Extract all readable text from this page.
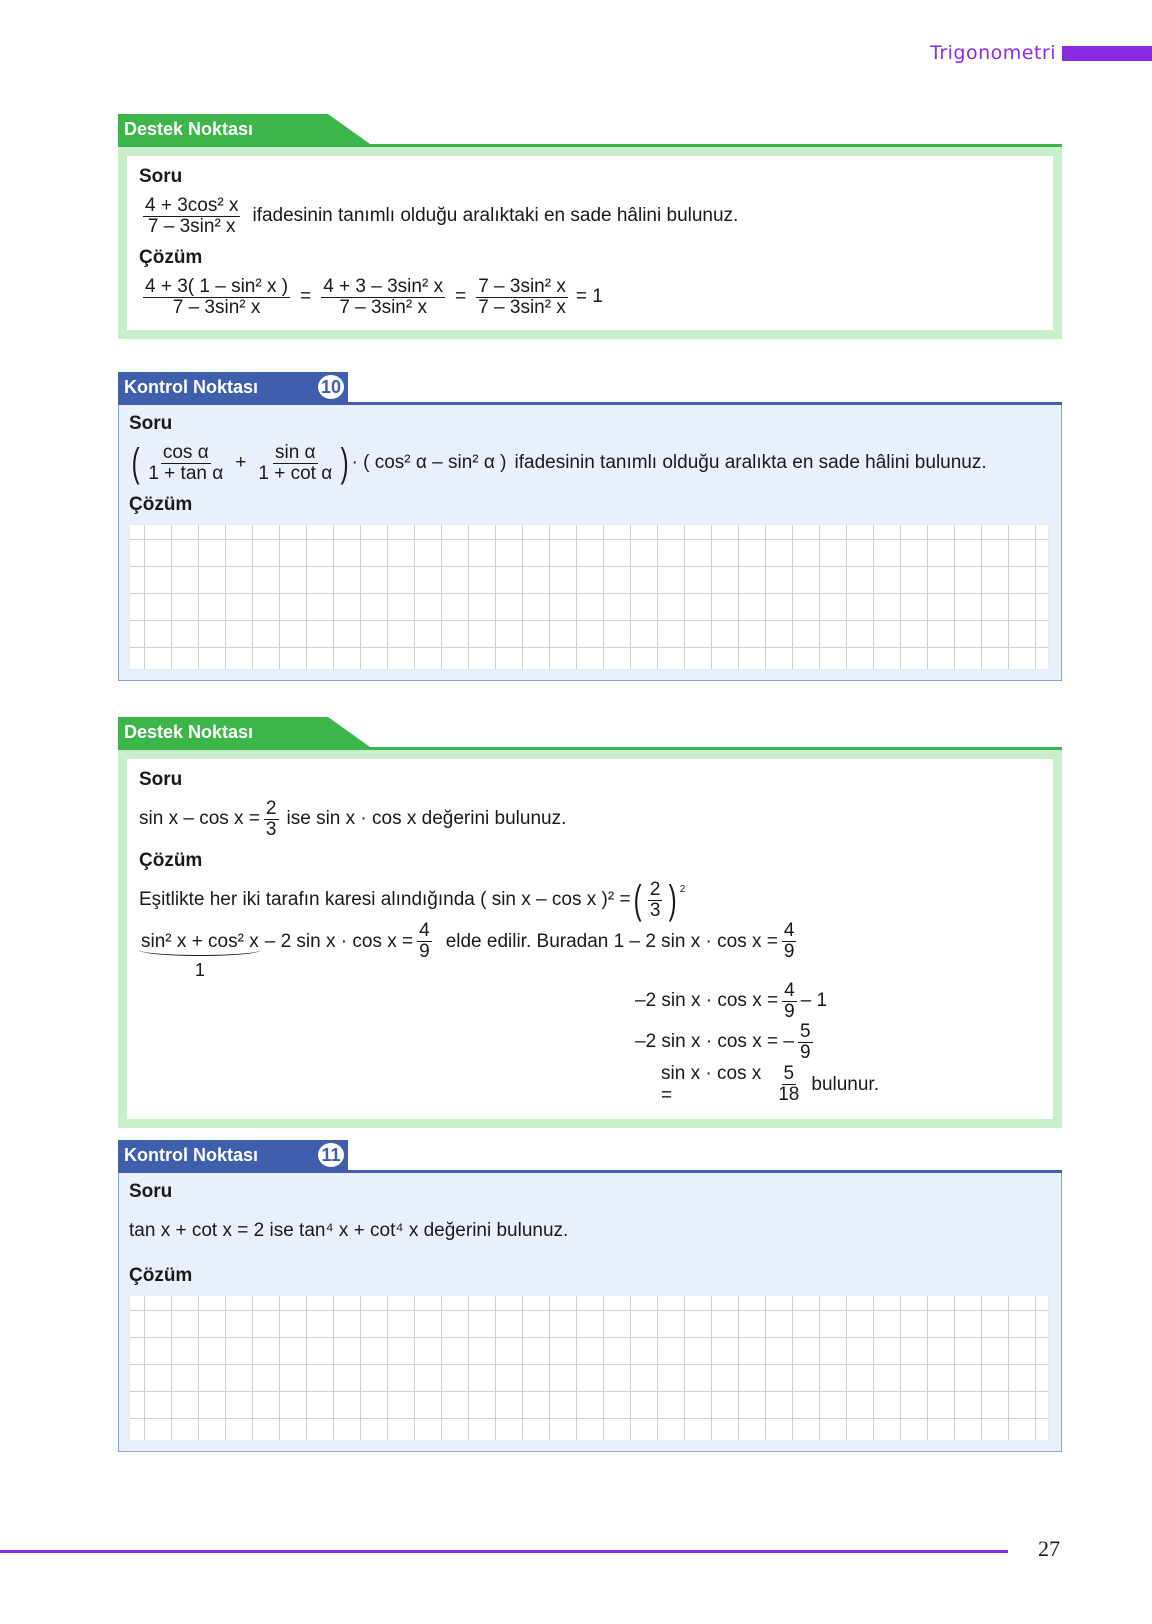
Trigonometri
Destek Noktası
Soru
$\frac{\text{4 + 3cos² x}}{\text{7 – 3sin² x}}$ ifadesinin tanımlı olduğu aralıktaki en sade hâlini bulunuz.
Çözüm
$\frac{\text{4 + 3( 1 – sin² x )}}{\text{7 – 3sin² x}} = \frac{\text{4 + 3 – 3sin² x}}{\text{7 – 3sin² x}} = \frac{\text{7 – 3sin² x}}{\text{7 – 3sin² x}} = 1$
Kontrol Noktası	10
Soru
( $\frac{\text{cos α}}{\text{1 + tan α}} + \frac{\text{sin α}}{\text{1 + cot α}}$ ) · ( cos² α – sin² α ) ifadesinin tanımlı olduğu aralıkta en sade hâlini bulunuz.
Çözüm
Destek Noktası
Soru
$\sin x - \cos x = \frac{2}{3}$ ise sin x · cos x değerini bulunuz.
Çözüm
Eşitlikte her iki tarafın karesi alındığında ( sin x – cos x )² = ( $\frac{2}{3}$ ) $^2$
sin² x + cos² x
1
– 2 $\sin x \cdot \cos x = \frac{4}{9}$ elde edilir. Buradan 1 – 2 $\sin x \cdot \cos x = \frac{4}{9}$
–2 $\sin x \cdot \cos x = \frac{4}{9} - 1$
–2 sin x · cos x = – $\frac{5}{9}$
sin x · cos x =	$\frac{5}{18}$ bulunur.
Kontrol Noktası	11
Soru
tan x + cot x = 2 ise tan⁴ x + cot⁴ x değerini bulunuz.
Çözüm
27
